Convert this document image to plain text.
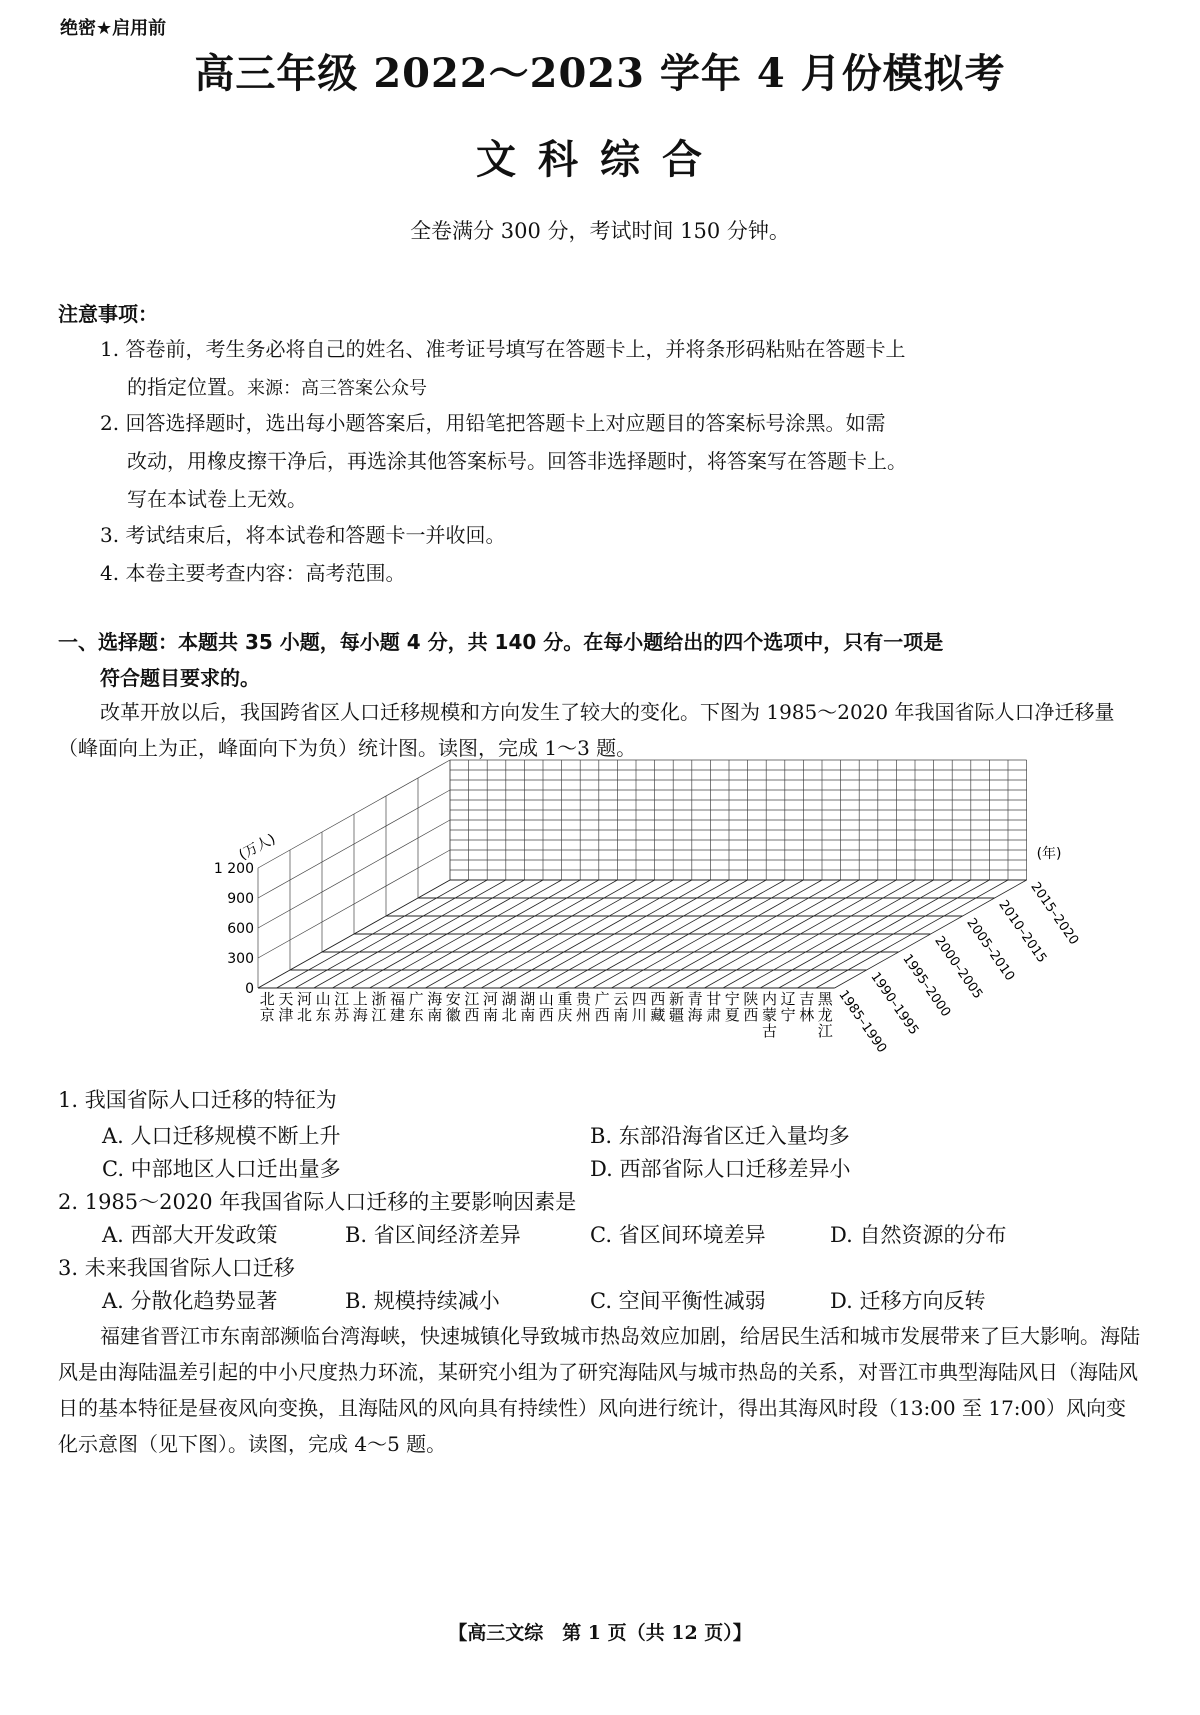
绝密★启用前
高三年级 2022～2023 学年 4 月份模拟考
文科综合
全卷满分 300 分，考试时间 150 分钟。
注意事项：
1. 答卷前，考生务必将自己的姓名、准考证号填写在答题卡上，并将条形码粘贴在答题卡上
的指定位置。来源：高三答案公众号
2. 回答选择题时，选出每小题答案后，用铅笔把答题卡上对应题目的答案标号涂黑。如需
改动，用橡皮擦干净后，再选涂其他答案标号。回答非选择题时，将答案写在答题卡上。
写在本试卷上无效。
3. 考试结束后，将本试卷和答题卡一并收回。
4. 本卷主要考查内容：高考范围。
一、选择题：本题共 35 小题，每小题 4 分，共 140 分。在每小题给出的四个选项中，只有一项是
符合题目要求的。
改革开放以后，我国跨省区人口迁移规模和方向发生了较大的变化。下图为 1985～2020 年我国省际人口净迁移量（峰面向上为正，峰面向下为负）统计图。读图，完成 1～3 题。
0
300
600
900
1 200
(万人)
1985–1990
1990–1995
1995–2000
2000–2005
2005–2010
2010–2015
2015–2020
(年)
北
京
天
津
河
北
山
东
江
苏
上
海
浙
江
福
建
广
东
海
南
安
徽
江
西
河
南
湖
北
湖
南
山
西
重
庆
贵
州
广
西
云
南
四
川
西
藏
新
疆
青
海
甘
肃
宁
夏
陕
西
内
蒙
古
辽
宁
吉
林
黑
龙
江
1. 我国省际人口迁移的特征为
A. 人口迁移规模不断上升	B. 东部沿海省区迁入量均多
C. 中部地区人口迁出量多	D. 西部省际人口迁移差异小
2. 1985～2020 年我国省际人口迁移的主要影响因素是
A. 西部大开发政策	B. 省区间经济差异	C. 省区间环境差异	D. 自然资源的分布
3. 未来我国省际人口迁移
A. 分散化趋势显著	B. 规模持续减小	C. 空间平衡性减弱	D. 迁移方向反转
福建省晋江市东南部濒临台湾海峡，快速城镇化导致城市热岛效应加剧，给居民生活和城市发展带来了巨大影响。海陆风是由海陆温差引起的中小尺度热力环流，某研究小组为了研究海陆风与城市热岛的关系，对晋江市典型海陆风日（海陆风日的基本特征是昼夜风向变换，且海陆风的风向具有持续性）风向进行统计，得出其海风时段（13:00 至 17:00）风向变化示意图（见下图）。读图，完成 4～5 题。
【高三文综　第 1 页（共 12 页）】
